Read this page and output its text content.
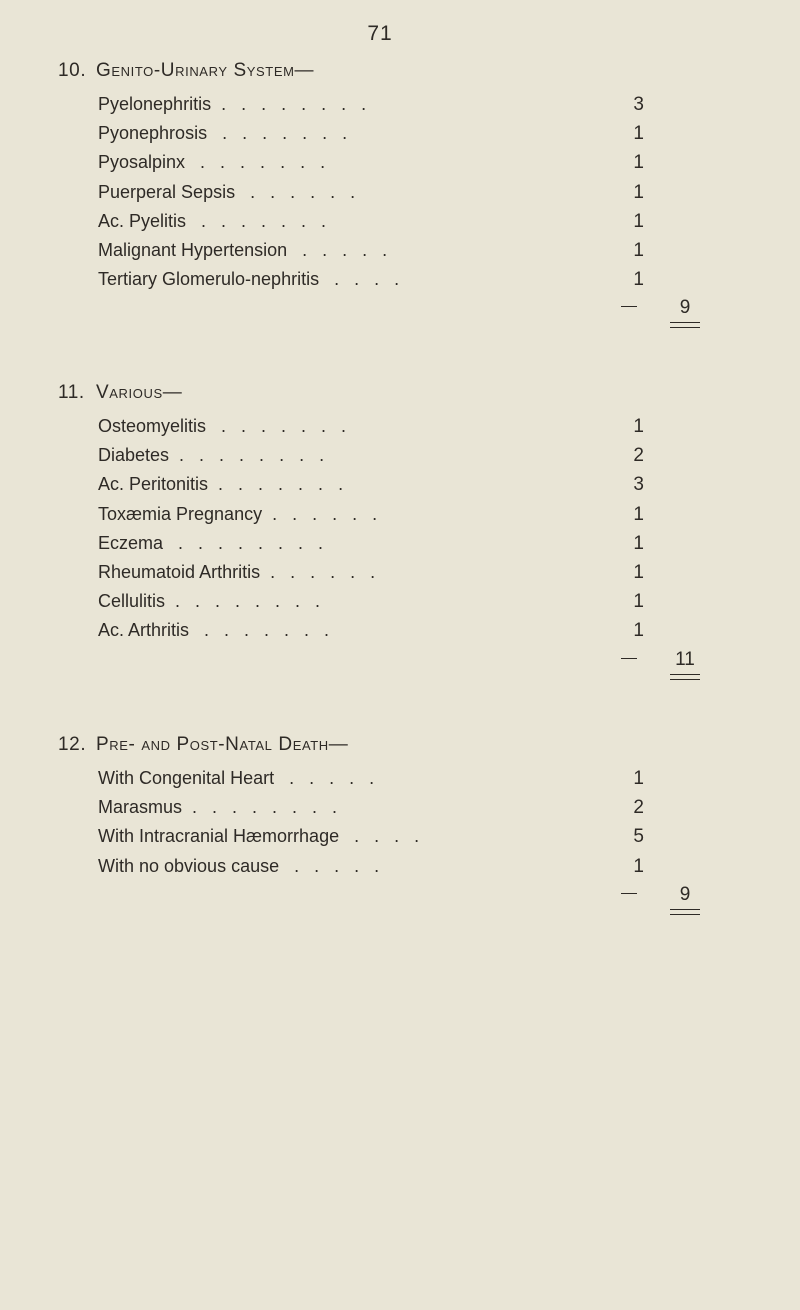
71
10. Genito-Urinary System—
Pyelonephritis  .   .   .   .   .   .   .   .	3
Pyonephrosis   .   .   .   .   .   .   .	1
Pyosalpinx   .   .   .   .   .   .   .	1
Puerperal Sepsis   .   .   .   .   .   .	1
Ac. Pyelitis   .   .   .   .   .   .   .	1
Malignant Hypertension   .   .   .   .   .	1
Tertiary Glomerulo-nephritis   .   .   .   .	1
9
11. Various—
Osteomyelitis   .   .   .   .   .   .   .	1
Diabetes  .   .   .   .   .   .   .   .	2
Ac. Peritonitis  .   .   .   .   .   .   .	3
Toxæmia Pregnancy  .   .   .   .   .   .	1
Eczema   .   .   .   .   .   .   .   .	1
Rheumatoid Arthritis  .   .   .   .   .   .	1
Cellulitis  .   .   .   .   .   .   .   .	1
Ac. Arthritis   .   .   .   .   .   .   .	1
11
12. Pre- and Post-Natal Death—
With Congenital Heart   .   .   .   .   .	1
Marasmus  .   .   .   .   .   .   .   .	2
With Intracranial Hæmorrhage   .   .   .   .	5
With no obvious cause   .   .   .   .   .	1
9
